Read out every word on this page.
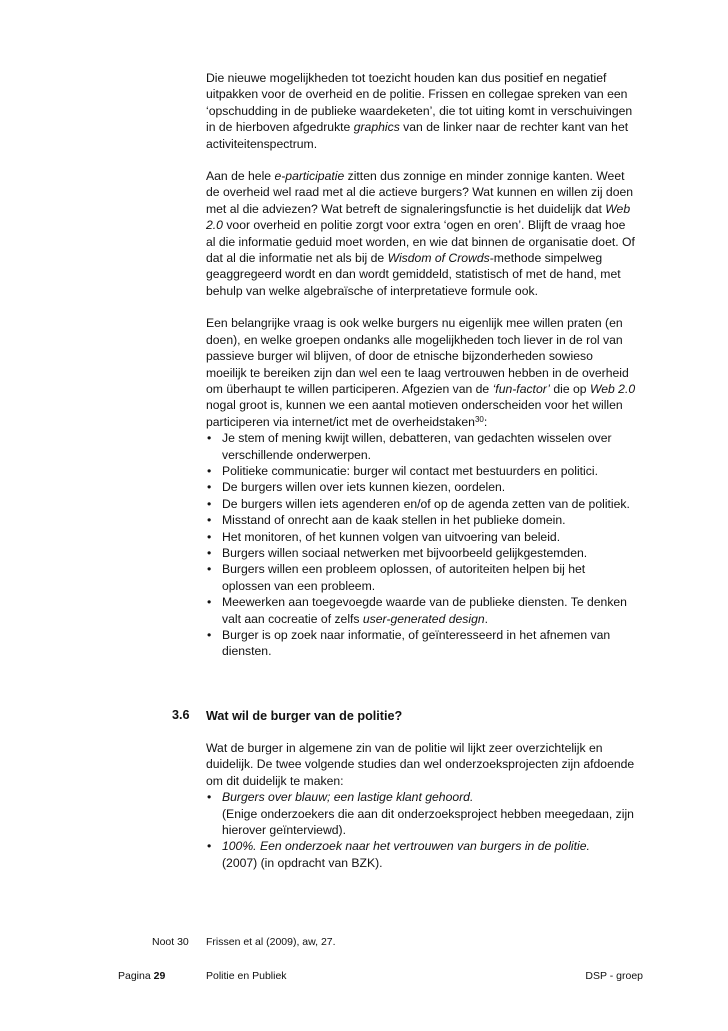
Die nieuwe mogelijkheden tot toezicht houden kan dus positief en negatief uitpakken voor de overheid en de politie. Frissen en collegae spreken van een ‘opschudding in de publieke waardeketen’, die tot uiting komt in verschuivingen in de hierboven afgedrukte graphics van de linker naar de rechter kant van het activiteitenspectrum.

Aan de hele e-participatie zitten dus zonnige en minder zonnige kanten. Weet de overheid wel raad met al die actieve burgers? Wat kunnen en willen zij doen met al die adviezen? Wat betreft de signaleringsfunctie is het duidelijk dat Web 2.0 voor overheid en politie zorgt voor extra ‘ogen en oren’. Blijft de vraag hoe al die informatie geduid moet worden, en wie dat binnen de organisatie doet. Of dat al die informatie net als bij de Wisdom of Crowds-methode simpelweg geaggregeerd wordt en dan wordt gemiddeld, statistisch of met de hand, met behulp van welke algebraïsche of interpretatieve formule ook.

Een belangrijke vraag is ook welke burgers nu eigenlijk mee willen praten (en doen), en welke groepen ondanks alle mogelijkheden toch liever in de rol van passieve burger wil blijven, of door de etnische bijzonderheden sowieso moeilijk te bereiken zijn dan wel een te laag vertrouwen hebben in de overheid om überhaupt te willen participeren. Afgezien van de ‘fun-factor’ die op Web 2.0 nogal groot is, kunnen we een aantal motieven onderscheiden voor het willen participeren via internet/ict met de overheidstaken$^{30}$:

• Je stem of mening kwijt willen, debatteren, van gedachten wisselen over verschillende onderwerpen.
• Politieke communicatie: burger wil contact met bestuurders en politici.
• De burgers willen over iets kunnen kiezen, oordelen.
• De burgers willen iets agenderen en/of op de agenda zetten van de politiek.
• Misstand of onrecht aan de kaak stellen in het publieke domein.
• Het monitoren, of het kunnen volgen van uitvoering van beleid.
• Burgers willen sociaal netwerken met bijvoorbeeld gelijkgestemden.
• Burgers willen een probleem oplossen, of autoriteiten helpen bij het oplossen van een probleem.
• Meewerken aan toegevoegde waarde van de publieke diensten. Te denken valt aan cocreatie of zelfs user-generated design.
• Burger is op zoek naar informatie, of geïnteresseerd in het afnemen van diensten.
3.6 Wat wil de burger van de politie?

Wat de burger in algemene zin van de politie wil lijkt zeer overzichtelijk en duidelijk. De twee volgende studies dan wel onderzoeksprojecten zijn afdoende om dit duidelijk te maken:

• Burgers over blauw; een lastige klant gehoord.
(Enige onderzoekers die aan dit onderzoeksproject hebben meegedaan, zijn hierover geïnterviewd).
• 100%. Een onderzoek naar het vertrouwen van burgers in de politie.
(2007) (in opdracht van BZK).
Noot 30 Frissen et al (2009), aw, 27.
Pagina 29	Politie en Publiek	DSP - groep
